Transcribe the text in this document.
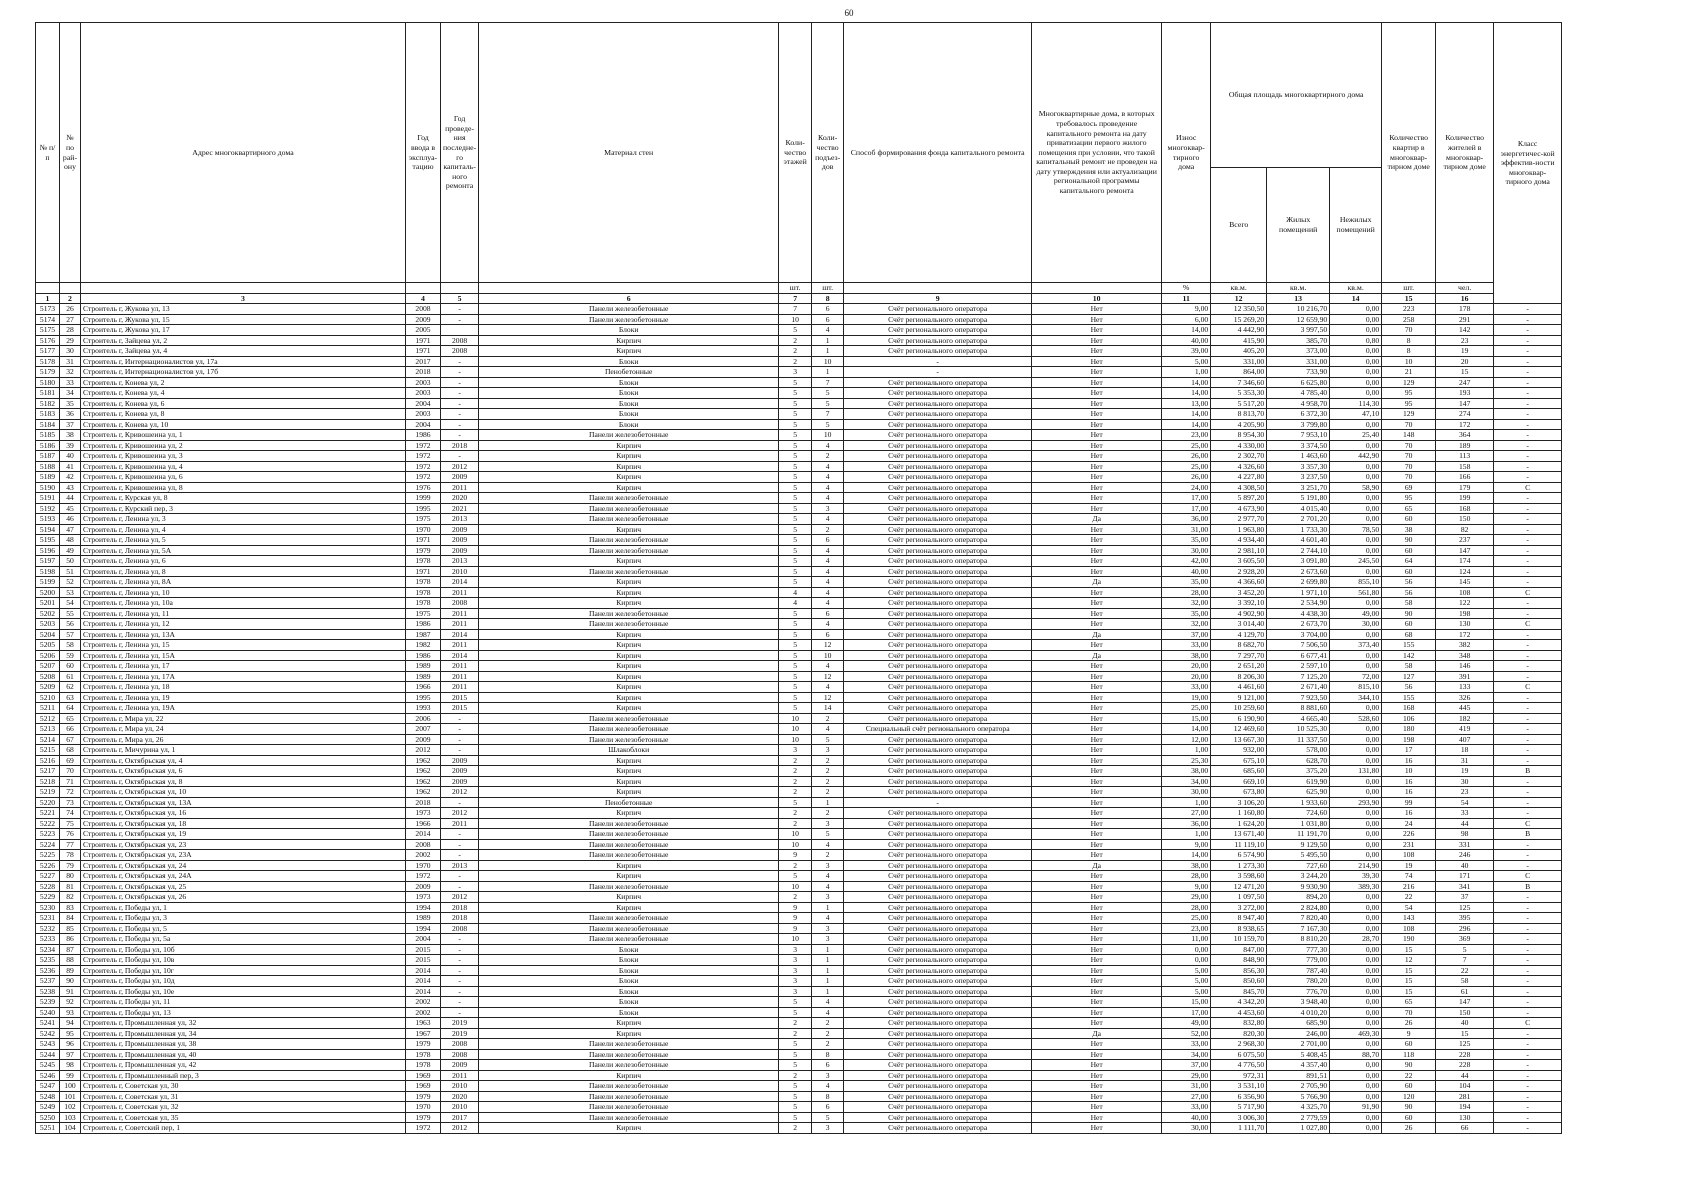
60
№ п/п	№ по рай-ону	Адрес многоквартирного дома	Год ввода в эксплуа-тацию	Год проведе-ния последне-го капиталь-ного ремонта	Материал стен	Коли-чество этажей	Коли-чество подъез-дов	Способ формирования фонда капитального ремонта	Многоквартирные дома, в которых требовалось проведение капитального ремонта на дату приватизации первого жилого помещения при условии, что такой капитальный ремонт не проведен на дату утверждения или актуализации региональной программы капитального ремонта	Износ многоквар-тирного дома	Общая площадь многоквартирного дома			Количество квартир в многоквар-тирном доме	Количество жителей в многоквар-тирном доме	Класс энергетичес-кой эффектив-ности многоквар-тирного дома
											Всего	Жилых помещений	Нежилых помещений			
						шт.	шт.			%	кв.м.	кв.м.	кв.м.	шт.	чел.	
1	2	3	4	5	6	7	8	9	10	11	12	13	14	15	16	
5173	26	Строитель г, Жукова ул, 13	2008	-	Панели железобетонные	7	6	Счёт регионального оператора	Нет	9,00	12 350,50	10 216,70	0,00	223	178	-
5174	27	Строитель г, Жукова ул, 15	2009	-	Панели железобетонные	10	6	Счёт регионального оператора	Нет	6,00	15 269,20	12 659,90	0,00	258	291	-
5175	28	Строитель г, Жукова ул, 17	2005		Блоки	5	4	Счёт регионального оператора	Нет	14,00	4 442,90	3 997,50	0,00	70	142	-
5176	29	Строитель г, Зайцева ул, 2	1971	2008	Кирпич	2	1	Счёт регионального оператора	Нет	40,00	415,90	385,70	0,80	8	23	-
5177	30	Строитель г, Зайцева ул, 4	1971	2008	Кирпич	2	1	Счёт регионального оператора	Нет	39,00	405,20	373,00	0,00	8	19	-
5178	31	Строитель г, Интернационалистов ул, 17а	2017	-	Блоки	2	10	-	Нет	5,00	331,00	331,00	0,00	10	20	-
5179	32	Строитель г, Интернационалистов ул, 17б	2018	-	Пенобетонные	3	1	-	Нет	1,00	864,00	733,90	0,00	21	15	-
5180	33	Строитель г, Конева ул, 2	2003	-	Блоки	5	7	Счёт регионального оператора	Нет	14,00	7 346,60	6 625,80	0,00	129	247	-
5181	34	Строитель г, Конева ул, 4	2003	-	Блоки	5	5	Счёт регионального оператора	Нет	14,00	5 353,30	4 785,40	0,00	95	193	-
5182	35	Строитель г, Конева ул, 6	2004	-	Блоки	5	5	Счёт регионального оператора	Нет	13,00	5 517,20	4 958,70	114,30	95	147	-
5183	36	Строитель г, Конева ул, 8	2003	-	Блоки	5	7	Счёт регионального оператора	Нет	14,00	8 813,70	6 372,30	47,10	129	274	-
5184	37	Строитель г, Конева ул, 10	2004	-	Блоки	5	5	Счёт регионального оператора	Нет	14,00	4 205,90	3 799,80	0,00	70	172	-
5185	38	Строитель г, Кривошеина ул, 1	1986	-	Панели железобетонные	5	10	Счёт регионального оператора	Нет	23,00	8 954,30	7 953,10	25,40	148	364	-
5186	39	Строитель г, Кривошеина ул, 2	1972	2018	Кирпич	5	4	Счёт регионального оператора	Нет	25,00	4 330,00	3 374,50	0,00	70	189	-
5187	40	Строитель г, Кривошеина ул, 3	1972	-	Кирпич	5	2	Счёт регионального оператора	Нет	26,00	2 302,70	1 463,60	442,90	70	113	-
5188	41	Строитель г, Кривошеина ул, 4	1972	2012	Кирпич	5	4	Счёт регионального оператора	Нет	25,00	4 326,60	3 357,30	0,00	70	158	-
5189	42	Строитель г, Кривошеина ул, 6	1972	2009	Кирпич	5	4	Счёт регионального оператора	Нет	26,00	4 227,80	3 237,50	0,00	70	166	-
5190	43	Строитель г, Кривошеина ул, 8	1976	2011	Кирпич	5	4	Счёт регионального оператора	Нет	24,00	4 308,50	3 251,70	58,90	69	179	C
5191	44	Строитель г, Курская ул, 8	1999	2020	Панели железобетонные	5	4	Счёт регионального оператора	Нет	17,00	5 897,20	5 191,80	0,00	95	199	-
5192	45	Строитель г, Курский пер, 3	1995	2021	Панели железобетонные	5	3	Счёт регионального оператора	Нет	17,00	4 673,90	4 015,40	0,00	65	168	-
5193	46	Строитель г, Ленина ул, 3	1975	2013	Панели железобетонные	5	4	Счёт регионального оператора	Да	36,00	2 977,70	2 701,20	0,00	60	150	-
5194	47	Строитель г, Ленина ул, 4	1970	2009	Кирпич	5	2	Счёт регионального оператора	Нет	31,00	1 963,80	1 733,30	78,50	38	82	-
5195	48	Строитель г, Ленина ул, 5	1971	2009	Панели железобетонные	5	6	Счёт регионального оператора	Нет	35,00	4 934,40	4 601,40	0,00	90	237	-
5196	49	Строитель г, Ленина ул, 5А	1979	2009	Панели железобетонные	5	4	Счёт регионального оператора	Нет	30,00	2 981,10	2 744,10	0,00	60	147	-
5197	50	Строитель г, Ленина ул, 6	1978	2013	Кирпич	5	4	Счёт регионального оператора	Нет	42,00	3 605,50	3 091,80	245,50	64	174	-
5198	51	Строитель г, Ленина ул, 8	1971	2010	Панели железобетонные	5	4	Счёт регионального оператора	Нет	40,00	2 928,20	2 673,60	0,00	60	124	-
5199	52	Строитель г, Ленина ул, 8А	1978	2014	Кирпич	5	4	Счёт регионального оператора	Да	35,00	4 366,60	2 699,80	855,10	56	145	-
5200	53	Строитель г, Ленина ул, 10	1978	2011	Кирпич	4	4	Счёт регионального оператора	Нет	28,00	3 452,20	1 971,10	561,80	56	108	C
5201	54	Строитель г, Ленина ул, 10а	1978	2008	Кирпич	4	4	Счёт регионального оператора	Нет	32,00	3 392,10	2 534,90	0,00	58	122	-
5202	55	Строитель г, Ленина ул, 11	1975	2011	Панели железобетонные	5	6	Счёт регионального оператора	Нет	35,00	4 902,90	4 438,30	49,00	90	198	-
5203	56	Строитель г, Ленина ул, 12	1986	2011	Панели железобетонные	5	4	Счёт регионального оператора	Нет	32,00	3 014,40	2 673,70	30,00	60	130	C
5204	57	Строитель г, Ленина ул, 13А	1987	2014	Кирпич	5	6	Счёт регионального оператора	Да	37,00	4 129,70	3 704,00	0,00	68	172	-
5205	58	Строитель г, Ленина ул, 15	1982	2011	Кирпич	5	12	Счёт регионального оператора	Нет	33,00	8 682,70	7 506,50	373,40	155	382	-
5206	59	Строитель г, Ленина ул, 15А	1986	2014	Кирпич	5	10	Счёт регионального оператора	Да	38,00	7 297,70	6 677,41	0,00	142	348	-
5207	60	Строитель г, Ленина ул, 17	1989	2011	Кирпич	5	4	Счёт регионального оператора	Нет	20,00	2 651,20	2 597,10	0,00	58	146	-
5208	61	Строитель г, Ленина ул, 17А	1989	2011	Кирпич	5	12	Счёт регионального оператора	Нет	20,00	8 206,30	7 125,20	72,00	127	391	-
5209	62	Строитель г, Ленина ул, 18	1966	2011	Кирпич	5	4	Счёт регионального оператора	Нет	33,00	4 461,60	2 671,40	815,10	56	133	C
5210	63	Строитель г, Ленина ул, 19	1995	2015	Кирпич	5	12	Счёт регионального оператора	Нет	19,00	9 121,00	7 923,50	344,10	155	326	-
5211	64	Строитель г, Ленина ул, 19А	1993	2015	Кирпич	5	14	Счёт регионального оператора	Нет	25,00	10 259,60	8 881,60	0,00	168	445	-
5212	65	Строитель г, Мира ул, 22	2006	-	Панели железобетонные	10	2	Счёт регионального оператора	Нет	15,00	6 190,90	4 665,40	528,60	106	182	-
5213	66	Строитель г, Мира ул, 24	2007	-	Панели железобетонные	10	4	Специальный счёт регионального оператора	Нет	14,00	12 469,60	10 525,30	0,00	180	419	-
5214	67	Строитель г, Мира ул, 26	2009	-	Панели железобетонные	10	5	Счёт регионального оператора	Нет	12,00	13 667,30	11 337,50	0,00	198	407	-
5215	68	Строитель г, Мичурина ул, 1	2012	-	Шлакоблоки	3	3	Счёт регионального оператора	Нет	1,00	932,00	578,00	0,00	17	18	-
5216	69	Строитель г, Октябрьская ул, 4	1962	2009	Кирпич	2	2	Счёт регионального оператора	Нет	25,30	675,10	628,70	0,00	16	31	-
5217	70	Строитель г, Октябрьская ул, 6	1962	2009	Кирпич	2	2	Счёт регионального оператора	Нет	38,00	685,60	375,20	131,80	10	19	B
5218	71	Строитель г, Октябрьская ул, 8	1962	2009	Кирпич	2	2	Счёт регионального оператора	Нет	34,00	669,10	619,90	0,00	16	30	-
5219	72	Строитель г, Октябрьская ул, 10	1962	2012	Кирпич	2	2	Счёт регионального оператора	Нет	30,00	673,80	625,90	0,00	16	23	-
5220	73	Строитель г, Октябрьская ул, 13А	2018	-	Пенобетонные	5	1	-	Нет	1,00	3 106,20	1 933,60	293,90	99	54	-
5221	74	Строитель г, Октябрьская ул, 16	1973	2012	Кирпич	2	2	Счёт регионального оператора	Нет	27,00	1 160,80	724,60	0,00	16	33	-
5222	75	Строитель г, Октябрьская ул, 18	1966	2011	Панели железобетонные	2	3	Счёт регионального оператора	Нет	36,00	1 624,20	1 031,80	0,00	24	44	C
5223	76	Строитель г, Октябрьская ул, 19	2014	-	Панели железобетонные	10	5	Счёт регионального оператора	Нет	1,00	13 671,40	11 191,70	0,00	226	98	B
5224	77	Строитель г, Октябрьская ул, 23	2008	-	Панели железобетонные	10	4	Счёт регионального оператора	Нет	9,00	11 119,10	9 129,50	0,00	231	331	-
5225	78	Строитель г, Октябрьская ул, 23А	2002	-	Панели железобетонные	9	2	Счёт регионального оператора	Нет	14,00	6 574,90	5 495,50	0,00	108	246	-
5226	79	Строитель г, Октябрьская ул, 24	1970	2013	Кирпич	2	3	Счёт регионального оператора	Да	38,00	1 273,30	727,60	214,90	19	40	-
5227	80	Строитель г, Октябрьская ул, 24А	1972	-	Кирпич	5	4	Счёт регионального оператора	Нет	28,00	3 598,60	3 244,20	39,30	74	171	C
5228	81	Строитель г, Октябрьская ул, 25	2009	-	Панели железобетонные	10	4	Счёт регионального оператора	Нет	9,00	12 471,20	9 930,90	389,30	216	341	B
5229	82	Строитель г, Октябрьская ул, 26	1973	2012	Кирпич	2	3	Счёт регионального оператора	Нет	29,00	1 097,50	894,20	0,00	22	37	-
5230	83	Строитель г, Победы ул, 1	1994	2018	Кирпич	9	1	Счёт регионального оператора	Нет	28,00	3 272,00	2 824,80	0,00	54	125	-
5231	84	Строитель г, Победы ул, 3	1989	2018	Панели железобетонные	9	4	Счёт регионального оператора	Нет	25,00	8 947,40	7 820,40	0,00	143	395	-
5232	85	Строитель г, Победы ул, 5	1994	2008	Панели железобетонные	9	3	Счёт регионального оператора	Нет	23,00	8 938,65	7 167,30	0,00	108	296	-
5233	86	Строитель г, Победы ул, 5а	2004	-	Панели железобетонные	10	3	Счёт регионального оператора	Нет	11,00	10 159,70	8 810,20	28,70	190	369	-
5234	87	Строитель г, Победы ул, 10б	2015	-	Блоки	3	1	Счёт регионального оператора	Нет	0,00	847,00	777,30	0,00	15	5	-
5235	88	Строитель г, Победы ул, 10в	2015	-	Блоки	3	1	Счёт регионального оператора	Нет	0,00	848,90	779,00	0,00	12	7	-
5236	89	Строитель г, Победы ул, 10г	2014	-	Блоки	3	1	Счёт регионального оператора	Нет	5,00	856,30	787,40	0,00	15	22	-
5237	90	Строитель г, Победы ул, 10д	2014	-	Блоки	3	1	Счёт регионального оператора	Нет	5,00	850,60	780,20	0,00	15	58	-
5238	91	Строитель г, Победы ул, 10е	2014	-	Блоки	3	1	Счёт регионального оператора	Нет	5,00	845,70	776,70	0,00	15	61	-
5239	92	Строитель г, Победы ул, 11	2002	-	Блоки	5	4	Счёт регионального оператора	Нет	15,00	4 342,20	3 948,40	0,00	65	147	-
5240	93	Строитель г, Победы ул, 13	2002	-	Блоки	5	4	Счёт регионального оператора	Нет	17,00	4 453,60	4 010,20	0,00	70	150	-
5241	94	Строитель г, Промышленная ул, 32	1963	2019	Кирпич	2	2	Счёт регионального оператора	Нет	49,00	832,80	685,90	0,00	26	40	C
5242	95	Строитель г, Промышленная ул, 34	1967	2019	Кирпич	2	2	Счёт регионального оператора	Да	52,00	820,30	246,00	469,30	9	15	-
5243	96	Строитель г, Промышленная ул, 38	1979	2008	Панели железобетонные	5	2	Счёт регионального оператора	Нет	33,00	2 968,30	2 701,00	0,00	60	125	-
5244	97	Строитель г, Промышленная ул, 40	1978	2008	Панели железобетонные	5	8	Счёт регионального оператора	Нет	34,00	6 075,50	5 408,45	88,70	118	228	-
5245	98	Строитель г, Промышленная ул, 42	1978	2009	Панели железобетонные	5	6	Счёт регионального оператора	Нет	37,00	4 776,50	4 357,40	0,00	90	228	-
5246	99	Строитель г, Промышленный пер, 3	1969	2011	Кирпич	2	3	Счёт регионального оператора	Нет	29,00	972,31	891,51	0,00	22	44	-
5247	100	Строитель г, Советская ул, 30	1969	2010	Панели железобетонные	5	4	Счёт регионального оператора	Нет	31,00	3 531,10	2 705,90	0,00	60	104	-
5248	101	Строитель г, Советская ул, 31	1979	2020	Панели железобетонные	5	8	Счёт регионального оператора	Нет	27,00	6 356,90	5 766,90	0,00	120	281	-
5249	102	Строитель г, Советская ул, 32	1970	2010	Панели железобетонные	5	6	Счёт регионального оператора	Нет	33,00	5 717,90	4 325,70	91,90	90	194	-
5250	103	Строитель г, Советская ул, 35	1979	2017	Панели железобетонные	5	5	Счёт регионального оператора	Нет	40,00	3 006,30	2 779,59	0,00	60	130	-
5251	104	Строитель г, Советский пер, 1	1972	2012	Кирпич	2	3	Счёт регионального оператора	Нет	30,00	1 111,70	1 027,80	0,00	26	66	-
